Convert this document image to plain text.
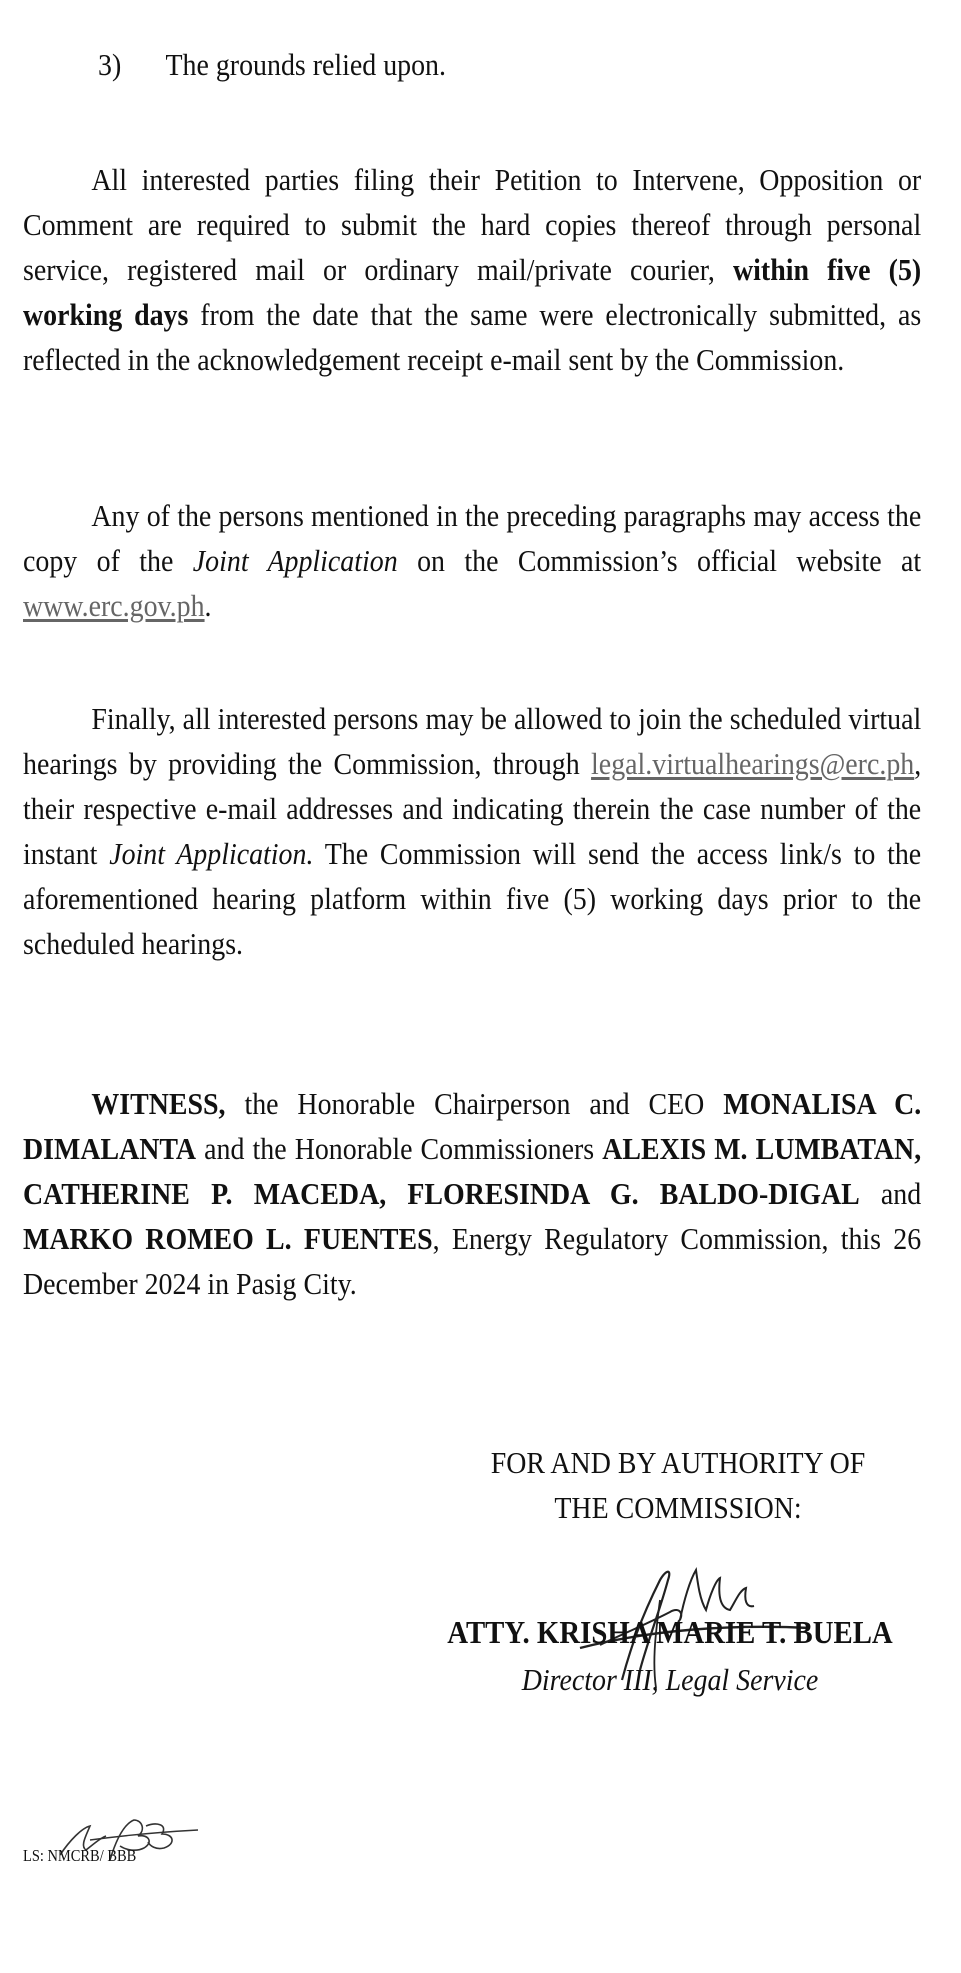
3) The grounds relied upon.

All interested parties filing their Petition to Intervene, Opposition or Comment are required to submit the hard copies thereof through personal service, registered mail or ordinary mail/private courier, within five (5) working days from the date that the same were electronically submitted, as reflected in the acknowledgement receipt e-mail sent by the Commission.

Any of the persons mentioned in the preceding paragraphs may access the copy of the Joint Application on the Commission’s official website at www.erc.gov.ph.

Finally, all interested persons may be allowed to join the scheduled virtual hearings by providing the Commission, through legal.virtualhearings@erc.ph, their respective e-mail addresses and indicating therein the case number of the instant Joint Application. The Commission will send the access link/s to the aforementioned hearing platform within five (5) working days prior to the scheduled hearings.

WITNESS, the Honorable Chairperson and CEO MONALISA C. DIMALANTA and the Honorable Commissioners ALEXIS M. LUMBATAN, CATHERINE P. MACEDA, FLORESINDA G. BALDO-DIGAL and MARKO ROMEO L. FUENTES, Energy Regulatory Commission, this 26 December 2024 in Pasig City.

FOR AND BY AUTHORITY OF
THE COMMISSION:
ATTY. KRISHA MARIE T. BUELA
Director III, Legal Service
LS: NMCRB/ BBB
